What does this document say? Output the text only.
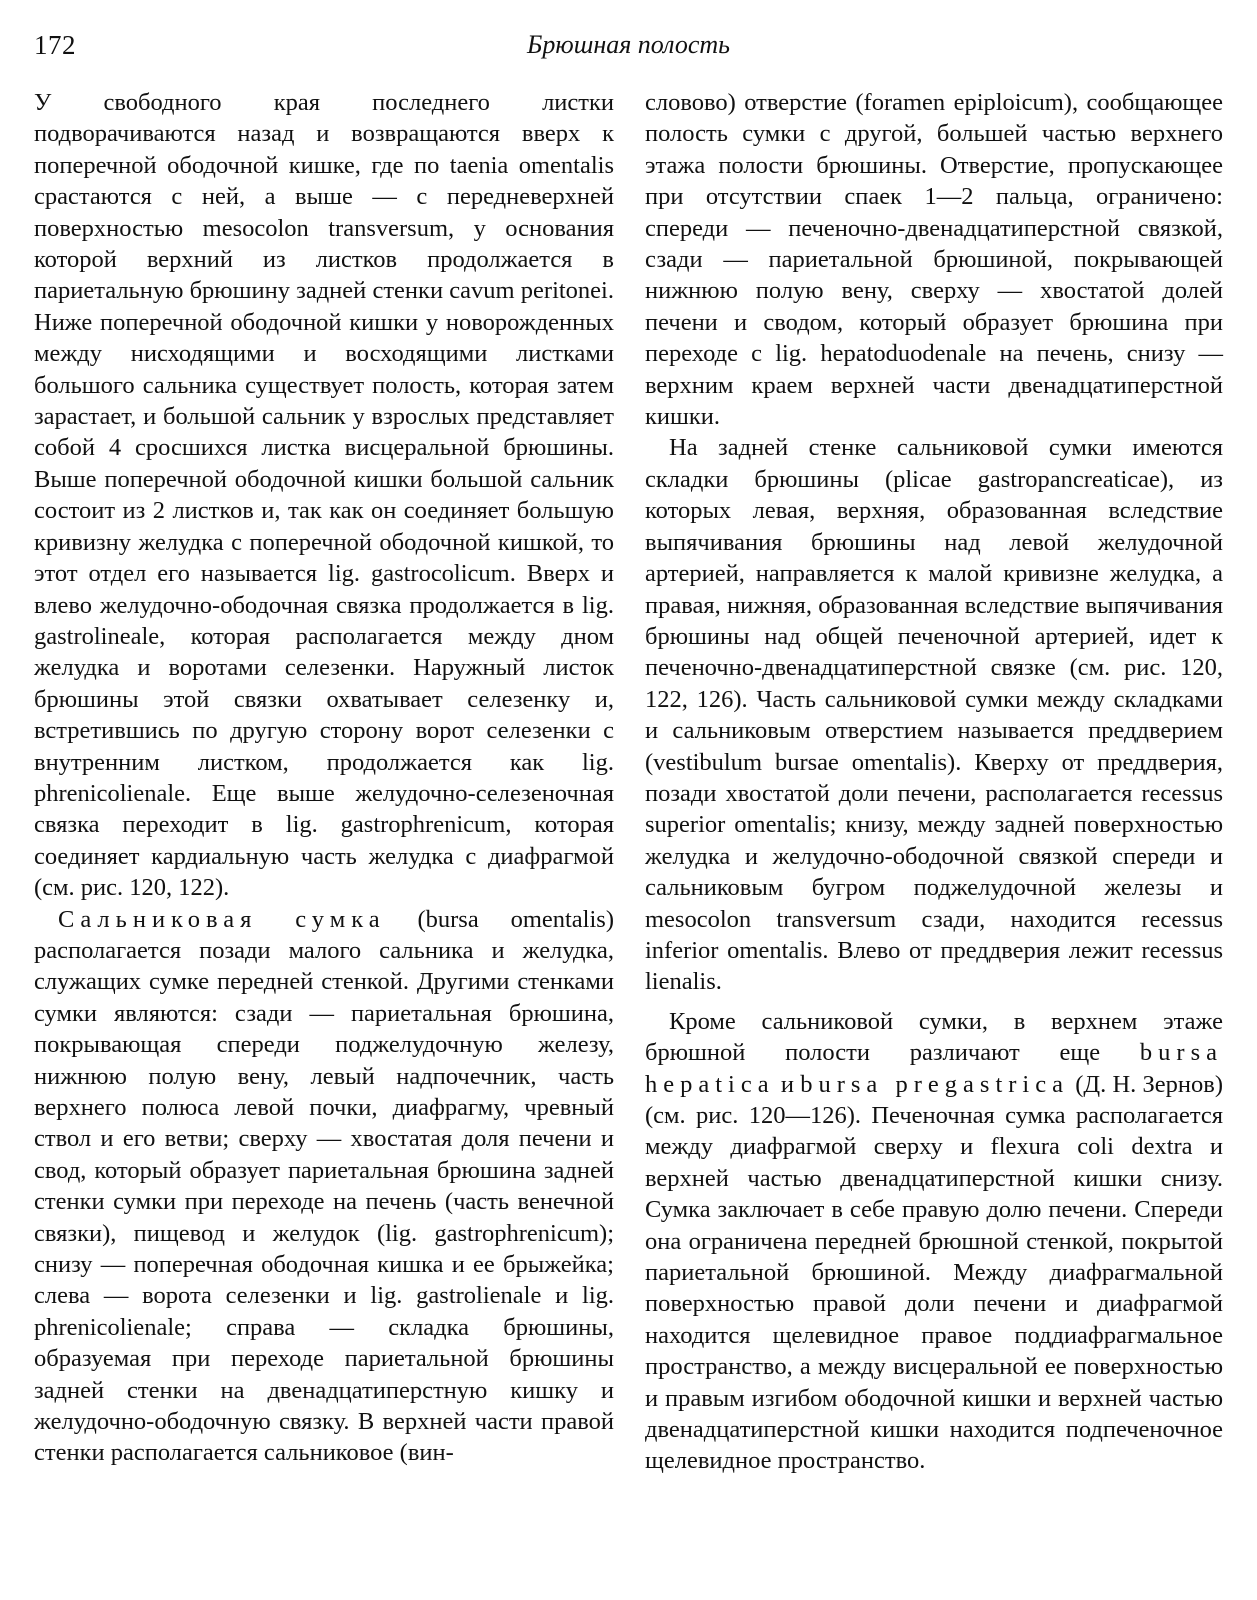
172	Брюшная полость

У свободного края последнего листки подворачиваются назад и возвращаются вверх к поперечной ободочной кишке, где по taenia omentalis срастаются с ней, а выше — с передневерхней поверхностью mesocolon transversum, у основания которой верхний из листков продолжается в париетальную брюшину задней стенки cavum peritonei. Ниже поперечной ободочной кишки у новорожденных между нисходящими и восходящими листками большого сальника существует полость, которая затем зарастает, и большой сальник у взрослых представляет собой 4 сросшихся листка висцеральной брюшины. Выше поперечной ободочной кишки большой сальник состоит из 2 листков и, так как он соединяет большую кривизну желудка с поперечной ободочной кишкой, то этот отдел его называется lig. gastrocolicum. Вверх и влево желудочно-ободочная связка продолжается в lig. gastrolineale, которая располагается между дном желудка и воротами селезенки. Наружный листок брюшины этой связки охватывает селезенку и, встретившись по другую сторону ворот селезенки с внутренним листком, продолжается как lig. phrenicolienale. Еще выше желудочно-селезеночная связка переходит в lig. gastrophrenicum, которая соединяет кардиальную часть желудка с диафрагмой (см. рис. 120, 122).

Сальниковая сумка (bursa omentalis) располагается позади малого сальника и желудка, служащих сумке передней стенкой. Другими стенками сумки являются: сзади — париетальная брюшина, покрывающая спереди поджелудочную железу, нижнюю полую вену, левый надпочечник, часть верхнего полюса левой почки, диафрагму, чревный ствол и его ветви; сверху — хвостатая доля печени и свод, который образует париетальная брюшина задней стенки сумки при переходе на печень (часть венечной связки), пищевод и желудок (lig. gastrophrenicum); снизу — поперечная ободочная кишка и ее брыжейка; слева — ворота селезенки и lig. gastrolienale и lig. phrenicolienale; справа — складка брюшины, образуемая при переходе париетальной брюшины задней стенки на двенадцатиперстную кишку и желудочно-ободочную связку. В верхней части правой стенки располагается сальниковое (вин-

словово) отверстие (foramen epiploicum), сообщающее полость сумки с другой, большей частью верхнего этажа полости брюшины. Отверстие, пропускающее при отсутствии спаек 1—2 пальца, ограничено: спереди — печеночно-двенадцатиперстной связкой, сзади — париетальной брюшиной, покрывающей нижнюю полую вену, сверху — хвостатой долей печени и сводом, который образует брюшина при переходе с lig. hepatoduodenale на печень, снизу — верхним краем верхней части двенадцатиперстной кишки.

На задней стенке сальниковой сумки имеются складки брюшины (plicae gastropancreaticae), из которых левая, верхняя, образованная вследствие выпячивания брюшины над левой желудочной артерией, направляется к малой кривизне желудка, а правая, нижняя, образованная вследствие выпячивания брюшины над общей печеночной артерией, идет к печеночно-двенадцатиперстной связке (см. рис. 120, 122, 126). Часть сальниковой сумки между складками и сальниковым отверстием называется преддверием (vestibulum bursae omentalis). Кверху от преддверия, позади хвостатой доли печени, располагается recessus superior omentalis; книзу, между задней поверхностью желудка и желудочно-ободочной связкой спереди и сальниковым бугром поджелудочной железы и mesocolon transversum сзади, находится recessus inferior omentalis. Влево от преддверия лежит recessus lienalis.

Кроме сальниковой сумки, в верхнем этаже брюшной полости различают еще bursa hepatica и bursa pregastrica (Д. Н. Зернов) (см. рис. 120—126). Печеночная сумка располагается между диафрагмой сверху и flexura coli dextra и верхней частью двенадцатиперстной кишки снизу. Сумка заключает в себе правую долю печени. Спереди она ограничена передней брюшной стенкой, покрытой париетальной брюшиной. Между диафрагмальной поверхностью правой доли печени и диафрагмой находится щелевидное правое поддиафрагмальное пространство, а между висцеральной ее поверхностью и правым изгибом ободочной кишки и верхней частью двенадцатиперстной кишки находится подпеченочное щелевидное пространство.
